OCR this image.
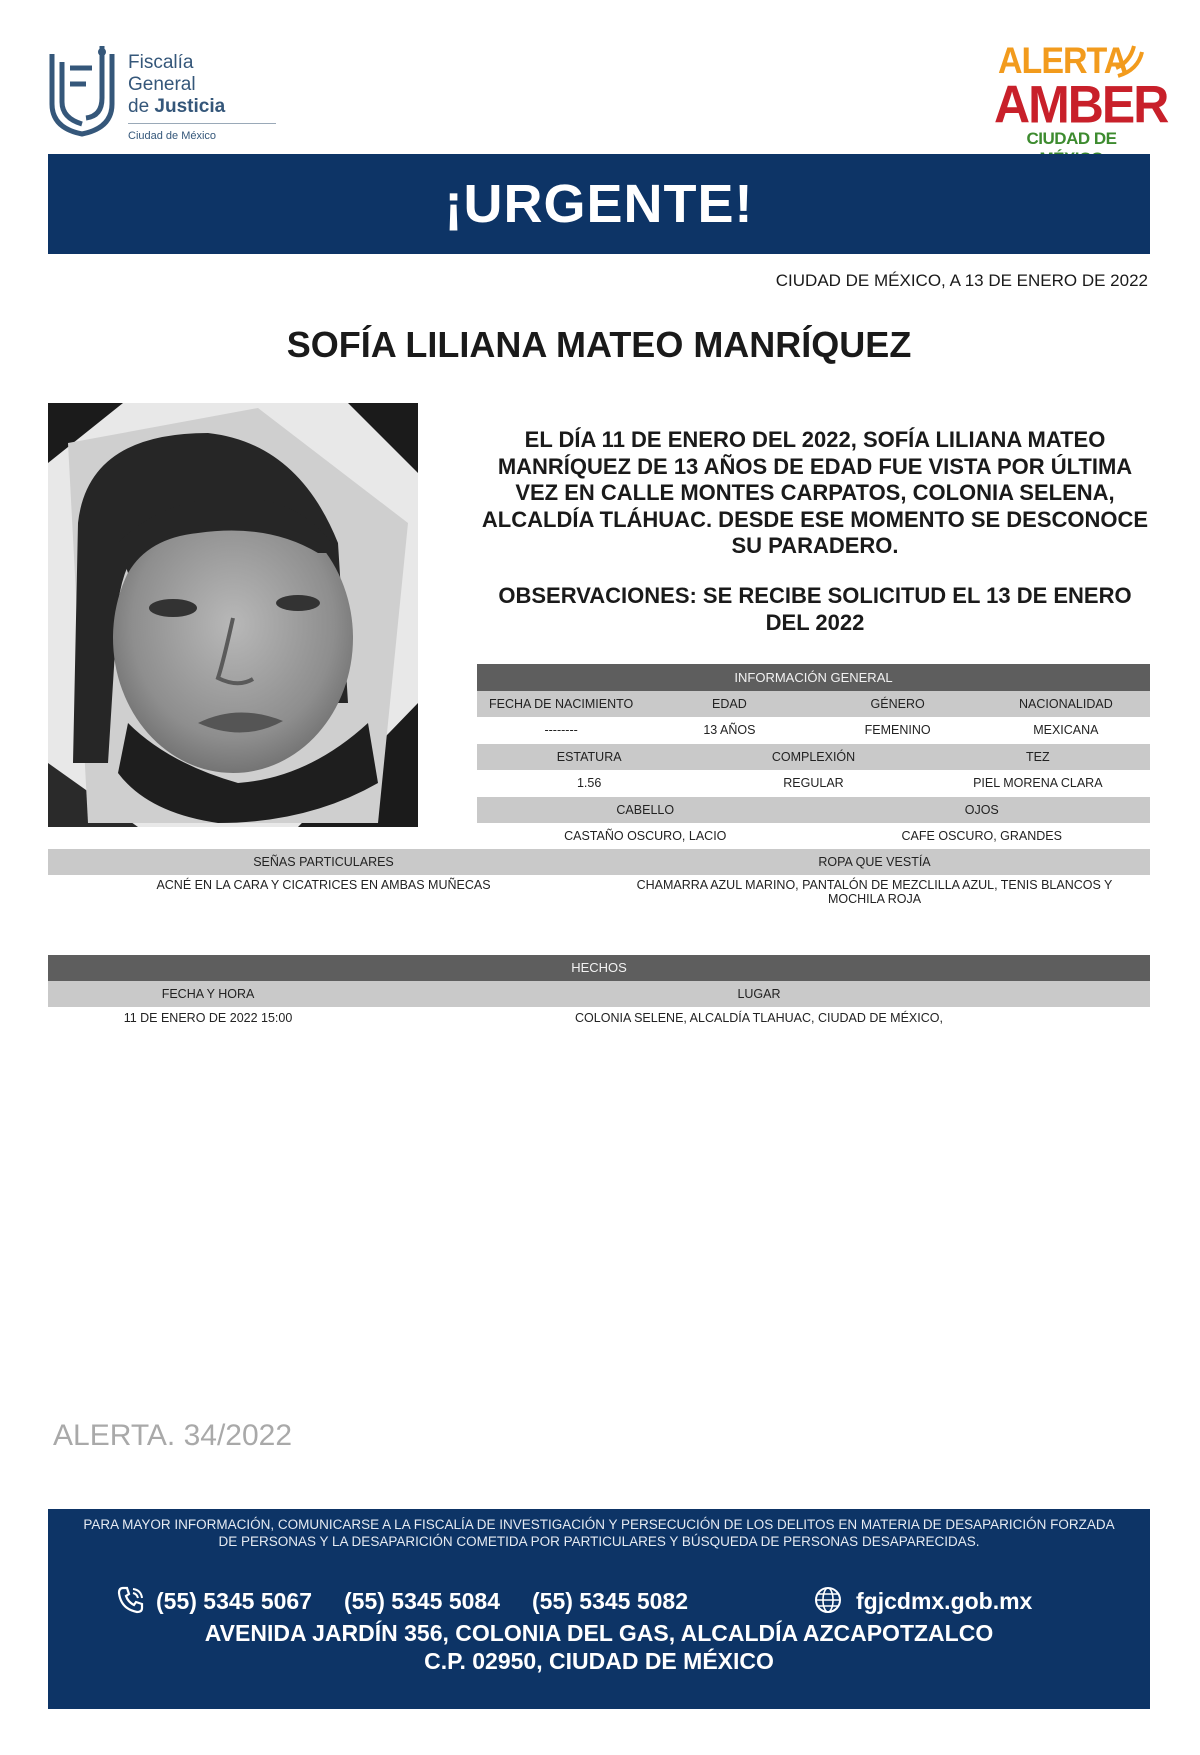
Fiscalía
General
de Justicia
Ciudad de México
ALERTA
AMBER
CIUDAD DE
¡URGENTE!
CIUDAD DE MÉXICO, A 13 DE ENERO DE 2022
SOFÍA LILIANA MATEO MANRÍQUEZ
EL DÍA 11 DE ENERO DEL 2022, SOFÍA LILIANA MATEO MANRÍQUEZ DE 13 AÑOS DE EDAD FUE VISTA POR ÚLTIMA VEZ EN CALLE MONTES CARPATOS, COLONIA SELENA, ALCALDÍA TLÁHUAC. DESDE ESE MOMENTO SE DESCONOCE SU PARADERO.
OBSERVACIONES: SE RECIBE SOLICITUD EL 13 DE ENERO DEL 2022
INFORMACIÓN GENERAL
FECHA DE NACIMIENTO	EDAD	GÉNERO	NACIONALIDAD
--------	13 AÑOS	FEMENINO	MEXICANA
ESTATURA	COMPLEXIÓN	TEZ
1.56	REGULAR	PIEL MORENA CLARA
CABELLO	OJOS
CASTAÑO OSCURO, LACIO	CAFE OSCURO, GRANDES
SEÑAS PARTICULARES	ROPA QUE VESTÍA
ACNÉ EN LA CARA Y CICATRICES EN AMBAS MUÑECAS	CHAMARRA AZUL MARINO, PANTALÓN DE MEZCLILLA AZUL, TENIS BLANCOS Y MOCHILA ROJA
HECHOS
FECHA Y HORA	LUGAR
11 DE ENERO DE 2022 15:00	COLONIA SELENE, ALCALDÍA TLAHUAC, CIUDAD DE MÉXICO,
ALERTA. 34/2022
PARA MAYOR INFORMACIÓN, COMUNICARSE A LA FISCALÍA DE INVESTIGACIÓN Y PERSECUCIÓN DE LOS DELITOS EN MATERIA DE DESAPARICIÓN FORZADA DE PERSONAS Y LA DESAPARICIÓN COMETIDA POR PARTICULARES Y BÚSQUEDA DE PERSONAS DESAPARECIDAS.
(55) 5345 5067 (55) 5345 5084 (55) 5345 5082	fgjcdmx.gob.mx
AVENIDA JARDÍN 356, COLONIA DEL GAS, ALCALDÍA AZCAPOTZALCO
C.P. 02950, CIUDAD DE MÉXICO
